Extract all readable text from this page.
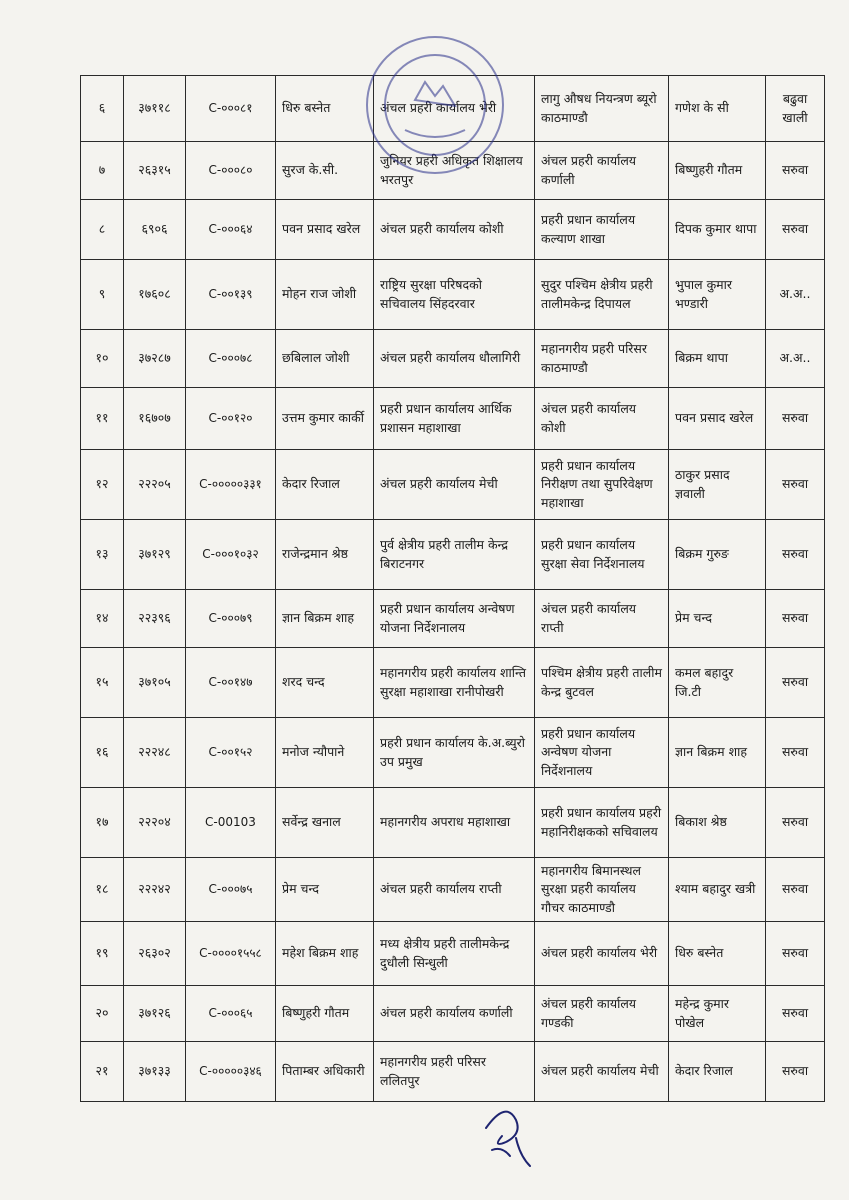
६	३७११८	C-०००८१	धिरु बस्नेत	अंचल प्रहरी कार्यालय भेरी	लागु औषध नियन्त्रण ब्यूरो काठमाण्डौ	गणेश के सी	बढुवा खाली
७	२६३१५	C-०००८०	सुरज के.सी.	जुनियर प्रहरी अधिकृत शिक्षालय भरतपुर	अंचल प्रहरी कार्यालय कर्णाली	बिष्णुहरी गौतम	सरुवा
८	६९०६	C-०००६४	पवन प्रसाद खरेल	अंचल प्रहरी कार्यालय कोशी	प्रहरी प्रधान कार्यालय कल्याण शाखा	दिपक कुमार थापा	सरुवा
९	१७६०८	C-००१३९	मोहन राज जोशी	राष्ट्रिय सुरक्षा परिषदको सचिवालय सिंहदरवार	सुदुर पश्चिम क्षेत्रीय प्रहरी तालीमकेन्द्र दिपायल	भुपाल कुमार भण्डारी	अ.अ..
१०	३७२८७	C-०००७८	छबिलाल जोशी	अंचल प्रहरी कार्यालय धौलागिरी	महानगरीय प्रहरी परिसर काठमाण्डौ	बिक्रम थापा	अ.अ..
११	१६७०७	C-००१२०	उत्तम कुमार कार्की	प्रहरी प्रधान कार्यालय आर्थिक प्रशासन महाशाखा	अंचल प्रहरी कार्यालय कोशी	पवन प्रसाद खरेल	सरुवा
१२	२२२०५	C-०००००३३१	केदार रिजाल	अंचल प्रहरी कार्यालय मेची	प्रहरी प्रधान कार्यालय निरीक्षण तथा सुपरिवेक्षण महाशाखा	ठाकुर प्रसाद ज्ञवाली	सरुवा
१३	३७१२९	C-०००१०३२	राजेन्द्रमान श्रेष्ठ	पुर्व क्षेत्रीय प्रहरी तालीम केन्द्र बिराटनगर	प्रहरी प्रधान कार्यालय सुरक्षा सेवा निर्देशनालय	बिक्रम गुरुङ	सरुवा
१४	२२३९६	C-०००७९	ज्ञान बिक्रम शाह	प्रहरी प्रधान कार्यालय अन्वेषण योजना निर्देशनालय	अंचल प्रहरी कार्यालय राप्ती	प्रेम चन्द	सरुवा
१५	३७१०५	C-००१४७	शरद चन्द	महानगरीय प्रहरी कार्यालय शान्ति सुरक्षा महाशाखा रानीपोखरी	पश्चिम क्षेत्रीय प्रहरी तालीम केन्द्र बुटवल	कमल बहादुर जि.टी	सरुवा
१६	२२२४८	C-००१५२	मनोज न्यौपाने	प्रहरी प्रधान कार्यालय के.अ.ब्युरो उप प्रमुख	प्रहरी प्रधान कार्यालय अन्वेषण योजना निर्देशनालय	ज्ञान बिक्रम शाह	सरुवा
१७	२२२०४	C-00103	सर्वेन्द्र खनाल	महानगरीय अपराध महाशाखा	प्रहरी प्रधान कार्यालय प्रहरी महानिरीक्षकको सचिवालय	बिकाश श्रेष्ठ	सरुवा
१८	२२२४२	C-०००७५	प्रेम चन्द	अंचल प्रहरी कार्यालय राप्ती	महानगरीय बिमानस्थल सुरक्षा प्रहरी कार्यालय गौचर काठमाण्डौ	श्याम बहादुर खत्री	सरुवा
१९	२६३०२	C-००००१५५८	महेश बिक्रम शाह	मध्य क्षेत्रीय प्रहरी तालीमकेन्द्र दुधौली सिन्धुली	अंचल प्रहरी कार्यालय भेरी	धिरु बस्नेत	सरुवा
२०	३७१२६	C-०००६५	बिष्णुहरी गौतम	अंचल प्रहरी कार्यालय कर्णाली	अंचल प्रहरी कार्यालय गण्डकी	महेन्द्र कुमार पोखेल	सरुवा
२१	३७१३३	C-०००००३४६	पिताम्बर अधिकारी	महानगरीय प्रहरी परिसर ललितपुर	अंचल प्रहरी कार्यालय मेची	केदार रिजाल	सरुवा
